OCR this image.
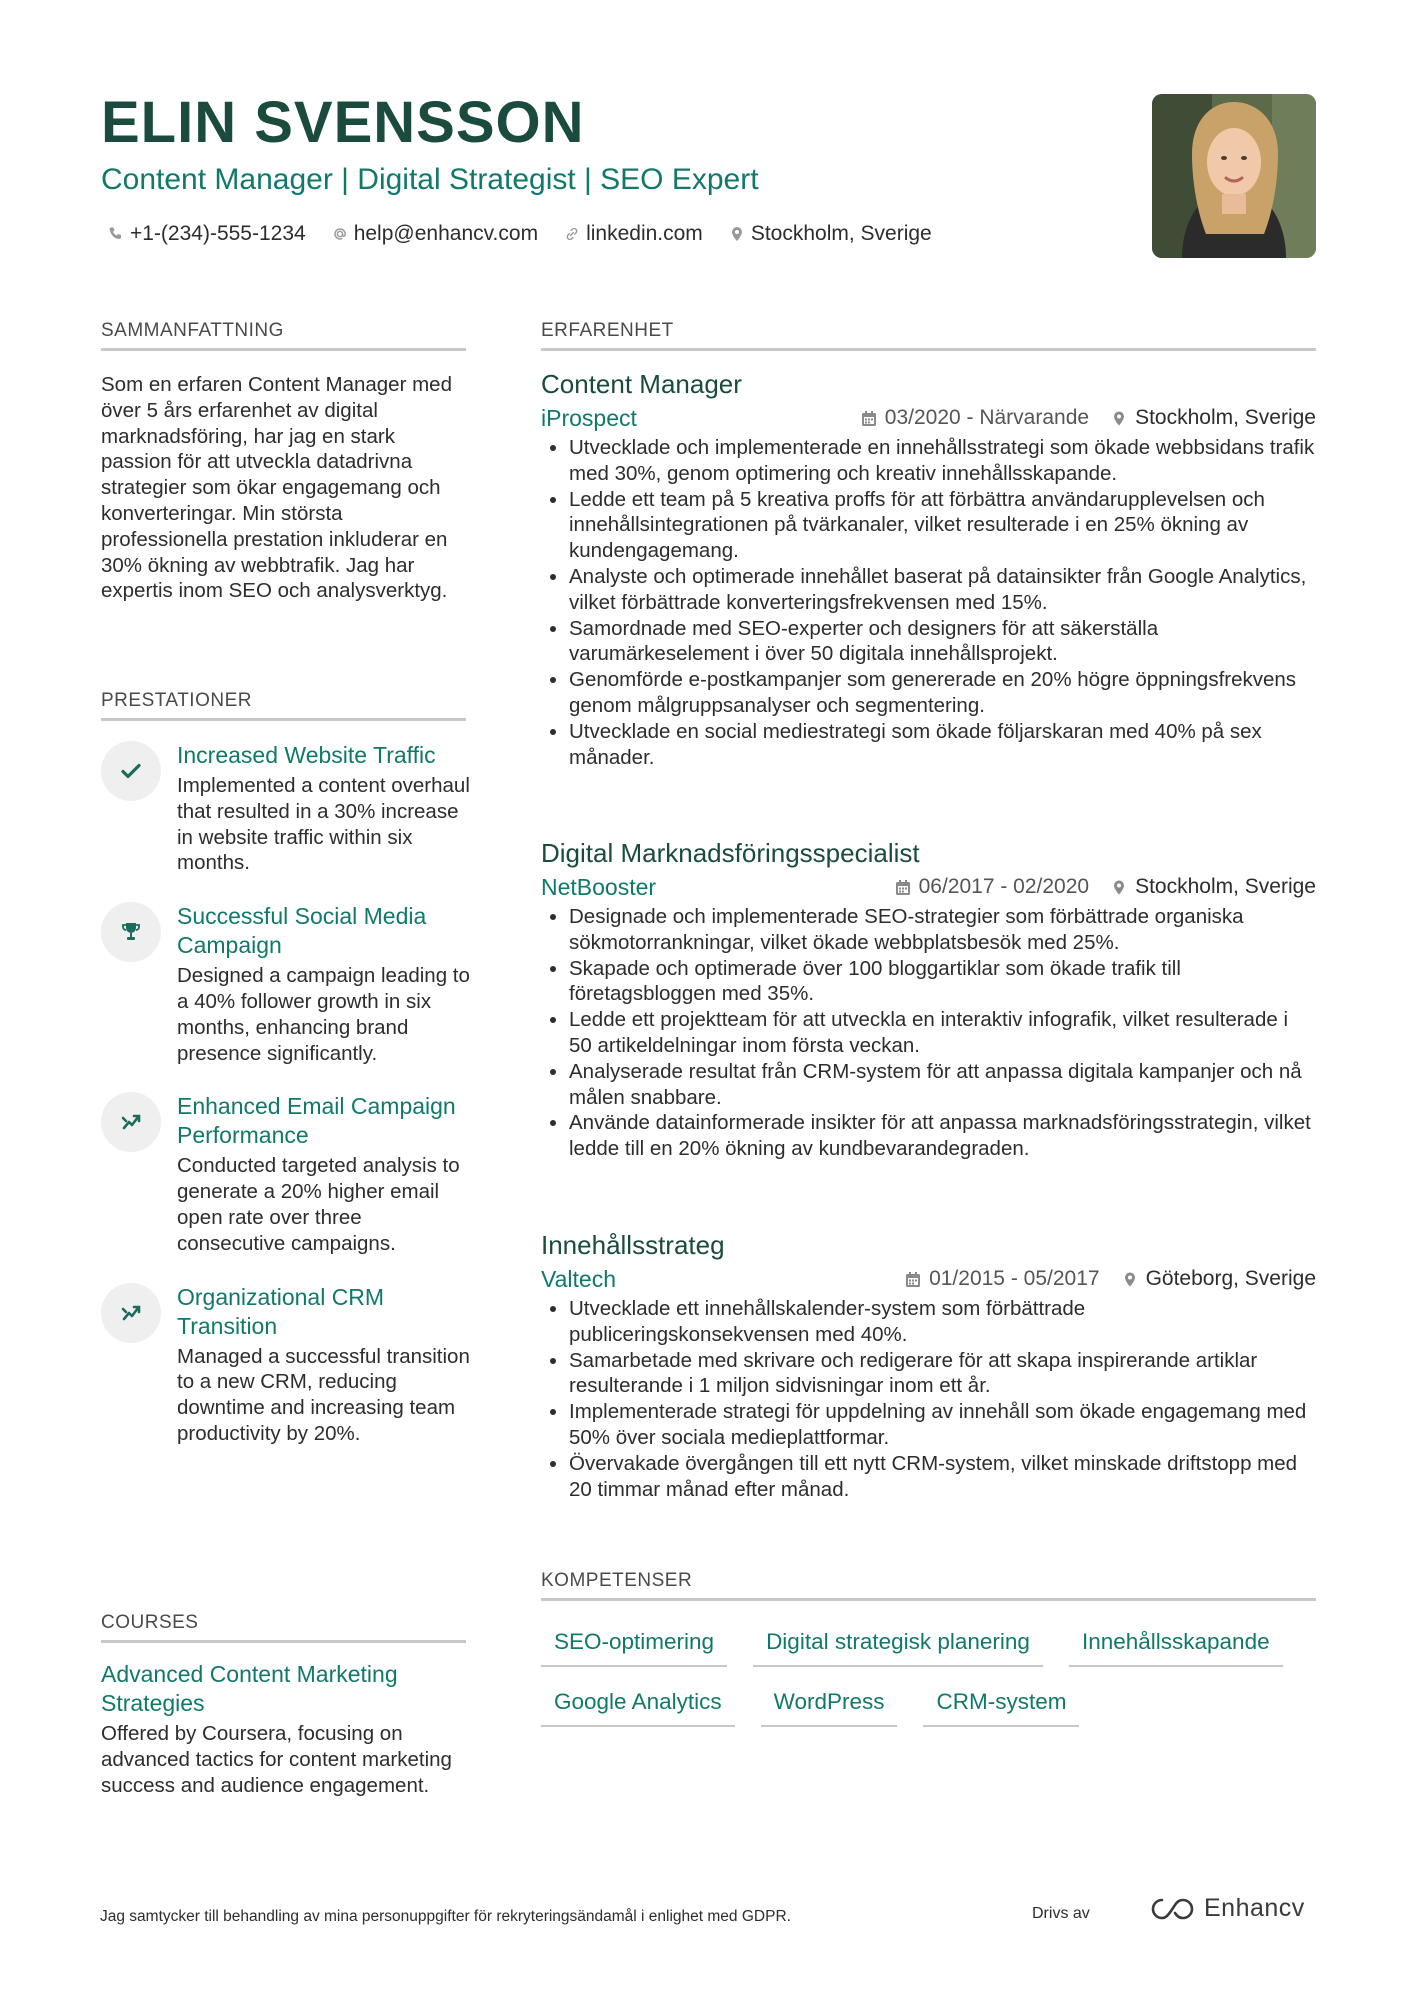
ELIN SVENSSON
Content Manager | Digital Strategist | SEO Expert
+1-(234)-555-1234 help@enhancv.com linkedin.com Stockholm, Sverige
SAMMANFATTNING
Som en erfaren Content Manager med över 5 års erfarenhet av digital marknadsföring, har jag en stark passion för att utveckla datadrivna strategier som ökar engagemang och konverteringar. Min största professionella prestation inkluderar en 30% ökning av webbtrafik. Jag har expertis inom SEO och analysverktyg.
PRESTATIONER
Increased Website Traffic
Implemented a content overhaul that resulted in a 30% increase in website traffic within six months.
Successful Social Media Campaign
Designed a campaign leading to a 40% follower growth in six months, enhancing brand presence significantly.
Enhanced Email Campaign Performance
Conducted targeted analysis to generate a 20% higher email open rate over three consecutive campaigns.
Organizational CRM Transition
Managed a successful transition to a new CRM, reducing downtime and increasing team productivity by 20%.
COURSES
Advanced Content Marketing Strategies
Offered by Coursera, focusing on advanced tactics for content marketing success and audience engagement.
ERFARENHET
Content Manager
iProspect	03/2020 - Närvarande Stockholm, Sverige
• Utvecklade och implementerade en innehållsstrategi som ökade webbsidans trafik med 30%, genom optimering och kreativ innehållsskapande.
• Ledde ett team på 5 kreativa proffs för att förbättra användarupplevelsen och innehållsintegrationen på tvärkanaler, vilket resulterade i en 25% ökning av kundengagemang.
• Analyste och optimerade innehållet baserat på datainsikter från Google Analytics, vilket förbättrade konverteringsfrekvensen med 15%.
• Samordnade med SEO-experter och designers för att säkerställa varumärkeselement i över 50 digitala innehållsprojekt.
• Genomförde e-postkampanjer som genererade en 20% högre öppningsfrekvens genom målgruppsanalyser och segmentering.
• Utvecklade en social mediestrategi som ökade följarskaran med 40% på sex månader.
Digital Marknadsföringsspecialist
NetBooster	06/2017 - 02/2020 Stockholm, Sverige
• Designade och implementerade SEO-strategier som förbättrade organiska sökmotorrankningar, vilket ökade webbplatsbesök med 25%.
• Skapade och optimerade över 100 bloggartiklar som ökade trafik till företagsbloggen med 35%.
• Ledde ett projektteam för att utveckla en interaktiv infografik, vilket resulterade i 50 artikeldelningar inom första veckan.
• Analyserade resultat från CRM-system för att anpassa digitala kampanjer och nå målen snabbare.
• Använde datainformerade insikter för att anpassa marknadsföringsstrategin, vilket ledde till en 20% ökning av kundbevarandegraden.
Innehållsstrateg
Valtech	01/2015 - 05/2017 Göteborg, Sverige
• Utvecklade ett innehållskalender-system som förbättrade publiceringskonsekvensen med 40%.
• Samarbetade med skrivare och redigerare för att skapa inspirerande artiklar resulterande i 1 miljon sidvisningar inom ett år.
• Implementerade strategi för uppdelning av innehåll som ökade engagemang med 50% över sociala medieplattformar.
• Övervakade övergången till ett nytt CRM-system, vilket minskade driftstopp med 20 timmar månad efter månad.
KOMPETENSER
SEO-optimering	Digital strategisk planering	Innehållsskapande
Google Analytics	WordPress	CRM-system
Jag samtycker till behandling av mina personuppgifter för rekryteringsändamål i enlighet med GDPR.	Drivs av	Enhancv
